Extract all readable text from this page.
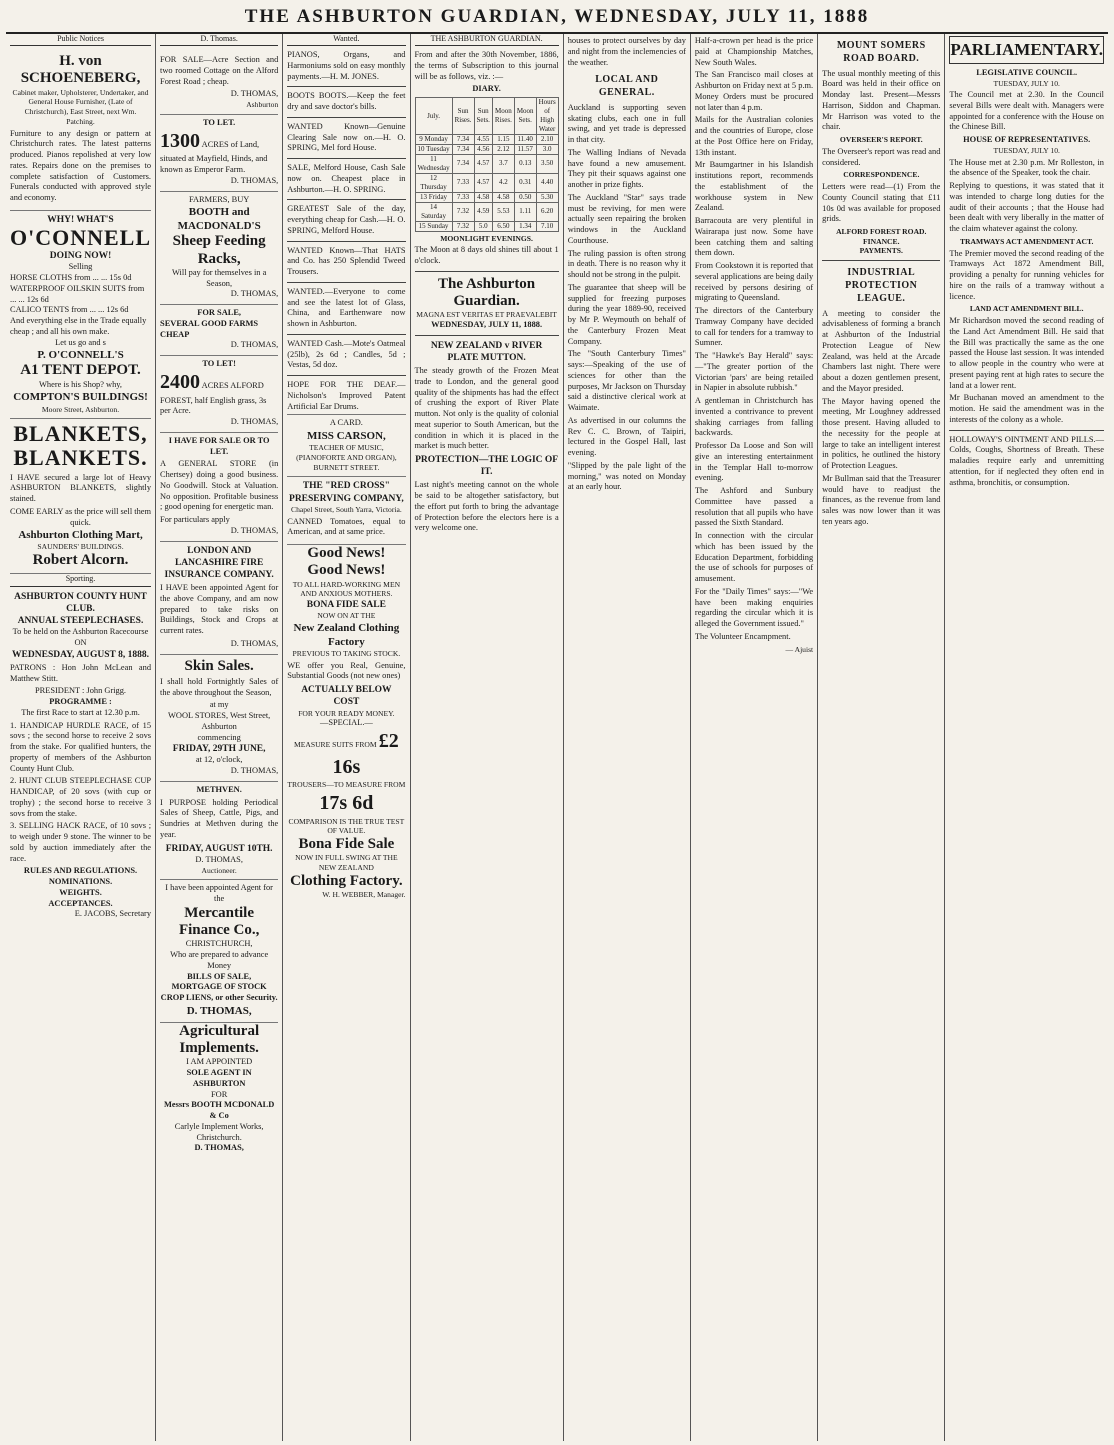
THE ASHBURTON GUARDIAN, WEDNESDAY, JULY 11, 1888
Public Notices
H. von SCHOENEBERG,
Cabinet maker, Upholsterer, Undertaker, and General House Furnisher, (Late of Christchurch), East Street, next Wm. Patching.

Furniture to any design or pattern at Christchurch rates. The latest patterns produced. Pianos repolished at very low rates. Repairs done on the premises to complete satisfaction of Customers. Funerals conducted with approved style and economy.

WHY! WHAT'S
O'CONNELL
DOING NOW!
Selling
HORSE CLOTHS from ... ... 15s 0d
WATERPROOF OILSKIN SUITS from ... ... 12s 6d
CALICO TENTS from ... ... 12s 6d
And everything else in the Trade equally cheap ; and all his own make.
Let us go and s
P. O'CONNELL'S
A1 TENT DEPOT.
Where is his Shop? why,
COMPTON'S BUILDINGS!
Moore Street, Ashburton.
BLANKETS,
BLANKETS.

I HAVE secured a large lot of Heavy ASHBURTON BLANKETS, slightly stained.

COME EARLY as the price will sell them quick.
Ashburton Clothing Mart,
SAUNDERS' BUILDINGS.
Robert Alcorn.
Sporting.
ASHBURTON COUNTY HUNT CLUB.
ANNUAL STEEPLECHASES.
To be held on the Ashburton Racecourse
ON
WEDNESDAY, AUGUST 8, 1888.

PATRONS : Hon John McLean and Matthew Stitt.

PRESIDENT : John Grigg.
PROGRAMME :
The first Race to start at 12.30 p.m.

1. HANDICAP HURDLE RACE, of 15 sovs ; the second horse to receive 2 sovs from the stake. For qualified hunters, the property of members of the Ashburton County Hunt Club.

2. HUNT CLUB STEEPLECHASE CUP HANDICAP, of 20 sovs (with cup or trophy) ; the second horse to receive 3 sovs from the stake.

3. SELLING HACK RACE, of 10 sovs ; to weigh under 9 stone. The winner to be sold by auction immediately after the race.

RULES AND REGULATIONS.
NOMINATIONS.
WEIGHTS.
ACCEPTANCES.
E. JACOBS, Secretary
D. Thomas.

FOR SALE—Acre Section and two roomed Cottage on the Alford Forest Road ; cheap.

D. THOMAS,
Ashburton
TO LET.
1300 ACRES of Land, situated at Mayfield, Hinds, and known as Emperor Farm.
D. THOMAS,
FARMERS, BUY
BOOTH and MACDONALD'S
Sheep Feeding Racks,
Will pay for themselves in a Season,
D. THOMAS,
FOR SALE,
SEVERAL GOOD FARMS CHEAP
D. THOMAS,
TO LET!
2400 ACRES ALFORD FOREST, half English grass, 3s per Acre.
D. THOMAS,
I HAVE FOR SALE OR TO LET.

A GENERAL STORE (in Chertsey) doing a good business. No Goodwill. Stock at Valuation. No opposition. Profitable business ; good opening for energetic man.

For particulars apply
D. THOMAS,
LONDON AND LANCASHIRE FIRE INSURANCE COMPANY.

I HAVE been appointed Agent for the above Company, and am now prepared to take risks on Buildings, Stock and Crops at current rates.

D. THOMAS,
Skin Sales.

I shall hold Fortnightly Sales of the above throughout the Season,

at my
WOOL STORES, West Street, Ashburton
commencing
FRIDAY, 29TH JUNE,
at 12, o'clock,
D. THOMAS,
METHVEN.

I PURPOSE holding Periodical Sales of Sheep, Cattle, Pigs, and Sundries at Methven during the year.

FRIDAY, AUGUST 10TH.
D. THOMAS,
Auctioneer.
I have been appointed Agent for the
Mercantile Finance Co.,
CHRISTCHURCH,
Who are prepared to advance Money
BILLS OF SALE,
MORTGAGE OF STOCK
CROP LIENS, or other Security.
D. THOMAS,
Agricultural Implements.
I AM APPOINTED
SOLE AGENT IN ASHBURTON
FOR
Messrs BOOTH MCDONALD & Co
Carlyle Implement Works,
Christchurch.
D. THOMAS,
Wanted.

PIANOS, Organs, and Harmoniums sold on easy monthly payments.—H. M. JONES.

BOOTS BOOTS.—Keep the feet dry and save doctor's bills.

WANTED Known—Genuine Clearing Sale now on.—H. O. SPRING, Mel ford House.

SALE, Melford House, Cash Sale now on. Cheapest place in Ashburton.—H. O. SPRING.

GREATEST Sale of the day, everything cheap for Cash.—H. O. SPRING, Melford House.

WANTED Known—That HATS and Co. has 250 Splendid Tweed Trousers.

WANTED.—Everyone to come and see the latest lot of Glass, China, and Earthenware now shown in Ashburton.

WANTED Cash.—Mote's Oatmeal (25lb), 2s 6d ; Candles, 5d ; Vestas, 5d doz.

HOPE FOR THE DEAF.—Nicholson's Improved Patent Artificial Ear Drums.

A CARD.
MISS CARSON,
TEACHER OF MUSIC,
(PIANOFORTE AND ORGAN),
BURNETT STREET.
THE "RED CROSS" PRESERVING COMPANY,
Chapel Street, South Yarra, Victoria.

CANNED Tomatoes, equal to American, and at same price.

Good News!
Good News!
TO ALL HARD-WORKING MEN AND ANXIOUS MOTHERS.
BONA FIDE SALE
NOW ON AT THE
New Zealand Clothing Factory
PREVIOUS TO TAKING STOCK.

WE offer you Real, Genuine, Substantial Goods (not new ones)

ACTUALLY BELOW COST
FOR YOUR READY MONEY.
—SPECIAL.—
MEASURE SUITS FROM £2 16s
TROUSERS—TO MEASURE FROM 17s 6d
COMPARISON IS THE TRUE TEST OF VALUE.
Bona Fide Sale
NOW IN FULL SWING AT THE NEW ZEALAND
Clothing Factory.
W. H. WEBBER, Manager.
THE ASHBURTON GUARDIAN.

From and after the 30th November, 1886, the terms of Subscription to this journal will be as follows, viz. :—

DIARY.
July.	Sun Rises.	Sun Sets.	Moon Rises.	Moon Sets.	Hours of High Water
9 Monday	7.34	4.55	1.15	11.40	2.10
10 Tuesday	7.34	4.56	2.12	11.57	3.0
11 Wednesday	7.34	4.57	3.7	0.13	3.50
12 Thursday	7.33	4.57	4.2	0.31	4.40
13 Friday	7.33	4.58	4.58	0.50	5.30
14 Saturday	7.32	4.59	5.53	1.11	6.20
15 Sunday	7.32	5.0	6.50	1.34	7.10
MOONLIGHT EVENINGS.

The Moon at 8 days old shines till about 1 o'clock.

The Ashburton Guardian.
MAGNA EST VERITAS ET PRAEVALEBIT
WEDNESDAY, JULY 11, 1888.
NEW ZEALAND v RIVER PLATE MUTTON.

The steady growth of the Frozen Meat trade to London, and the general good quality of the shipments has had the effect of crushing the export of River Plate mutton. Not only is the quality of colonial meat superior to South American, but the condition in which it is placed in the market is much better.

PROTECTION—THE LOGIC OF IT.

Last night's meeting cannot on the whole be said to be altogether satisfactory, but the effort put forth to bring the advantage of Protection before the electors here is a very welcome one.

houses to protect ourselves by day and night from the inclemencies of the weather.

LOCAL AND GENERAL.

Auckland is supporting seven skating clubs, each one in full swing, and yet trade is depressed in that city.

The Walling Indians of Nevada have found a new amusement. They pit their squaws against one another in prize fights.

The Auckland "Star" says trade must be reviving, for men were actually seen repairing the broken windows in the Auckland Courthouse.

The ruling passion is often strong in death. There is no reason why it should not be strong in the pulpit.

The guarantee that sheep will be supplied for freezing purposes during the year 1889-90, received by Mr P. Weymouth on behalf of the Canterbury Frozen Meat Company.

The "South Canterbury Times" says:—Speaking of the use of sciences for other than the purposes, Mr Jackson on Thursday said a distinctive clerical work at Waimate.

As advertised in our columns the Rev C. C. Brown, of Taipiri, lectured in the Gospel Hall, last evening.

"Slipped by the pale light of the morning," was noted on Monday at an early hour.

Half-a-crown per head is the price paid at Championship Matches, New South Wales.

The San Francisco mail closes at Ashburton on Friday next at 5 p.m. Money Orders must be procured not later than 4 p.m.

Mails for the Australian colonies and the countries of Europe, close at the Post Office here on Friday, 13th instant.

Mr Baumgartner in his Islandish institutions report, recommends the establishment of the workhouse system in New Zealand.

Barracouta are very plentiful in Wairarapa just now. Some have been catching them and salting them down.

From Cookstown it is reported that several applications are being daily received by persons desiring of migrating to Queensland.

The directors of the Canterbury Tramway Company have decided to call for tenders for a tramway to Sumner.

The "Hawke's Bay Herald" says:—"The greater portion of the Victorian 'pars' are being retailed in Napier in absolute rubbish."

A gentleman in Christchurch has invented a contrivance to prevent shaking carriages from falling backwards.

Professor Da Loose and Son will give an interesting entertainment in the Templar Hall to-morrow evening.

The Ashford and Sunbury Committee have passed a resolution that all pupils who have passed the Sixth Standard.

In connection with the circular which has been issued by the Education Department, forbidding the use of schools for purposes of amusement.

For the "Daily Times" says:—"We have been making enquiries regarding the circular which it is alleged the Government issued."

The Volunteer Encampment.

— Ajuist
MOUNT SOMERS ROAD BOARD.

The usual monthly meeting of this Board was held in their office on Monday last. Present—Messrs Harrison, Siddon and Chapman. Mr Harrison was voted to the chair.

OVERSEER'S REPORT.

The Overseer's report was read and considered.

CORRESPONDENCE.

Letters were read—(1) From the County Council stating that £11 10s 0d was available for proposed grids.

ALFORD FOREST ROAD.
FINANCE.
PAYMENTS.
INDUSTRIAL PROTECTION LEAGUE.

A meeting to consider the advisableness of forming a branch at Ashburton of the Industrial Protection League of New Zealand, was held at the Arcade Chambers last night. There were about a dozen gentlemen present, and the Mayor presided.

The Mayor having opened the meeting, Mr Loughney addressed those present. Having alluded to the necessity for the people at large to take an intelligent interest in politics, he outlined the history of Protection Leagues.

Mr Bullman said that the Treasurer would have to readjust the finances, as the revenue from land sales was now lower than it was ten years ago.

PARLIAMENTARY.
LEGISLATIVE COUNCIL.
TUESDAY, JULY 10.

The Council met at 2.30. In the Council several Bills were dealt with. Managers were appointed for a conference with the House on the Chinese Bill.

HOUSE OF REPRESENTATIVES.
TUESDAY, JULY 10.

The House met at 2.30 p.m. Mr Rolleston, in the absence of the Speaker, took the chair.

Replying to questions, it was stated that it was intended to charge long duties for the audit of their accounts ; that the House had been dealt with very liberally in the matter of the claim whatever against the colony.

TRAMWAYS ACT AMENDMENT ACT.

The Premier moved the second reading of the Tramways Act 1872 Amendment Bill, providing a penalty for running vehicles for hire on the rails of a tramway without a licence.

LAND ACT AMENDMENT BILL.

Mr Richardson moved the second reading of the Land Act Amendment Bill. He said that the Bill was practically the same as the one passed the House last session. It was intended to allow people in the country who were at present paying rent at high rates to secure the land at a lower rent.

Mr Buchanan moved an amendment to the motion. He said the amendment was in the interests of the colony as a whole.

HOLLOWAY'S OINTMENT AND PILLS.—Colds, Coughs, Shortness of Breath. These maladies require early and unremitting attention, for if neglected they often end in asthma, bronchitis, or consumption.
